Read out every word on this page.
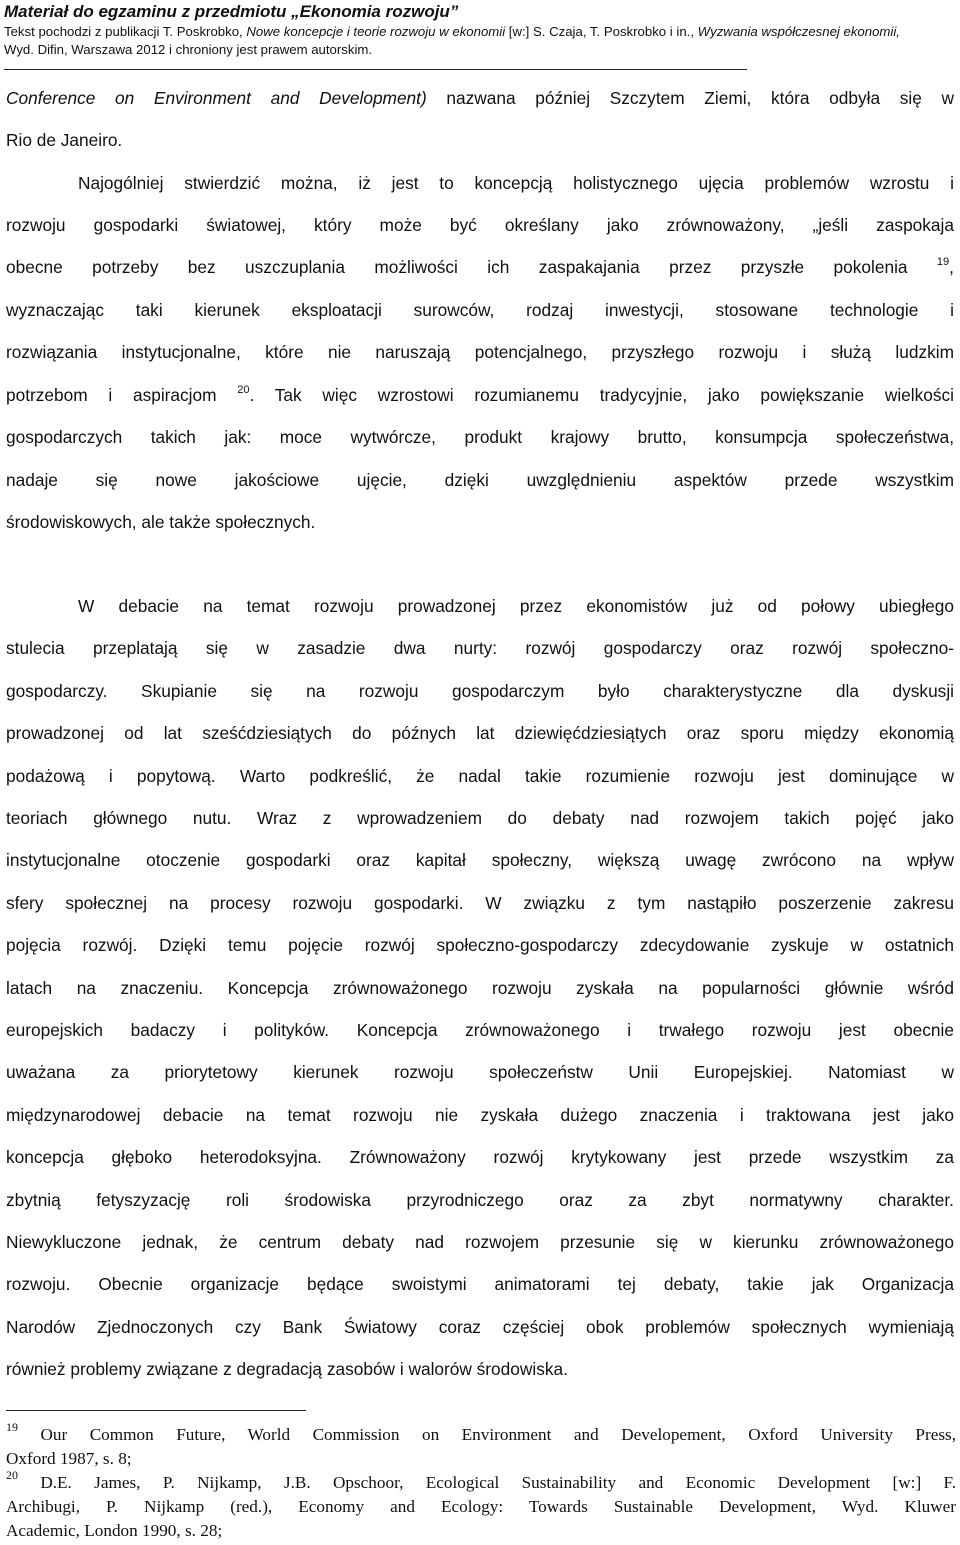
Materiał do egzaminu z przedmiotu „Ekonomia rozwoju”
Tekst pochodzi z publikacji T. Poskrobko, Nowe koncepcje i teorie rozwoju w ekonomii [w:] S. Czaja, T. Poskrobko i in., Wyzwania współczesnej ekonomii,
Wyd. Difin, Warszawa 2012 i chroniony jest prawem autorskim.
Conference on Environment and Development) nazwana później Szczytem Ziemi, która odbyła się w
Rio de Janeiro.
Najogólniej stwierdzić można, iż jest to koncepcją holistycznego ujęcia problemów wzrostu i
rozwoju gospodarki światowej, który może być określany jako zrównoważony, „jeśli zaspokaja
obecne potrzeby bez uszczuplania możliwości ich zaspakajania przez przyszłe pokolenia	$^{19}$,
wyznaczając taki kierunek eksploatacji surowców, rodzaj inwestycji, stosowane technologie i
rozwiązania instytucjonalne, które nie naruszają potencjalnego, przyszłego rozwoju i służą ludzkim
potrzebom i aspiracjom $^{20}$. Tak więc wzrostowi rozumianemu tradycyjnie, jako powiększanie wielkości
gospodarczych takich jak: moce wytwórcze, produkt krajowy brutto, konsumpcja społeczeństwa,
nadaje się nowe jakościowe ujęcie, dzięki uwzględnieniu aspektów przede wszystkim
środowiskowych, ale także społecznych.
W debacie na temat rozwoju prowadzonej przez ekonomistów już od połowy ubiegłego
stulecia przeplatają się w zasadzie dwa nurty: rozwój gospodarczy oraz rozwój społeczno-
gospodarczy. Skupianie się na rozwoju gospodarczym było charakterystyczne dla dyskusji
prowadzonej od lat sześćdziesiątych do późnych lat dziewięćdziesiątych oraz sporu między ekonomią
podażową i popytową. Warto podkreślić, że nadal takie rozumienie rozwoju jest dominujące w
teoriach głównego nutu. Wraz z wprowadzeniem do debaty nad rozwojem takich pojęć jako
instytucjonalne otoczenie gospodarki oraz kapitał społeczny, większą uwagę zwrócono na wpływ
sfery społecznej na procesy rozwoju gospodarki. W związku z tym nastąpiło poszerzenie zakresu
pojęcia rozwój. Dzięki temu pojęcie rozwój społeczno-gospodarczy zdecydowanie zyskuje w ostatnich
latach na znaczeniu. Koncepcja zrównoważonego rozwoju zyskała na popularności głównie wśród
europejskich badaczy i polityków. Koncepcja zrównoważonego i trwałego rozwoju jest obecnie
uważana za priorytetowy kierunek rozwoju społeczeństw Unii Europejskiej. Natomiast w
międzynarodowej debacie na temat rozwoju nie zyskała dużego znaczenia i traktowana jest jako
koncepcja głęboko heterodoksyjna. Zrównoważony rozwój krytykowany jest przede wszystkim za
zbytnią fetyszyzację roli środowiska przyrodniczego oraz za zbyt normatywny charakter.
Niewykluczone jednak, że centrum debaty nad rozwojem przesunie się w kierunku zrównoważonego
rozwoju. Obecnie organizacje będące swoistymi animatorami tej debaty, takie jak Organizacja
Narodów Zjednoczonych czy Bank Światowy coraz częściej obok problemów społecznych wymieniają
również problemy związane z degradacją zasobów i walorów środowiska.
$^{19}$ Our Common Future, World Commission on Environment and Developement, Oxford University Press,
Oxford 1987, s. 8;
$^{20}$ D.E. James, P. Nijkamp, J.B. Opschoor, Ecological Sustainability and Economic Development [w:] F.
Archibugi, P. Nijkamp (red.), Economy and Ecology: Towards Sustainable Development, Wyd. Kluwer
Academic, London 1990, s. 28;
